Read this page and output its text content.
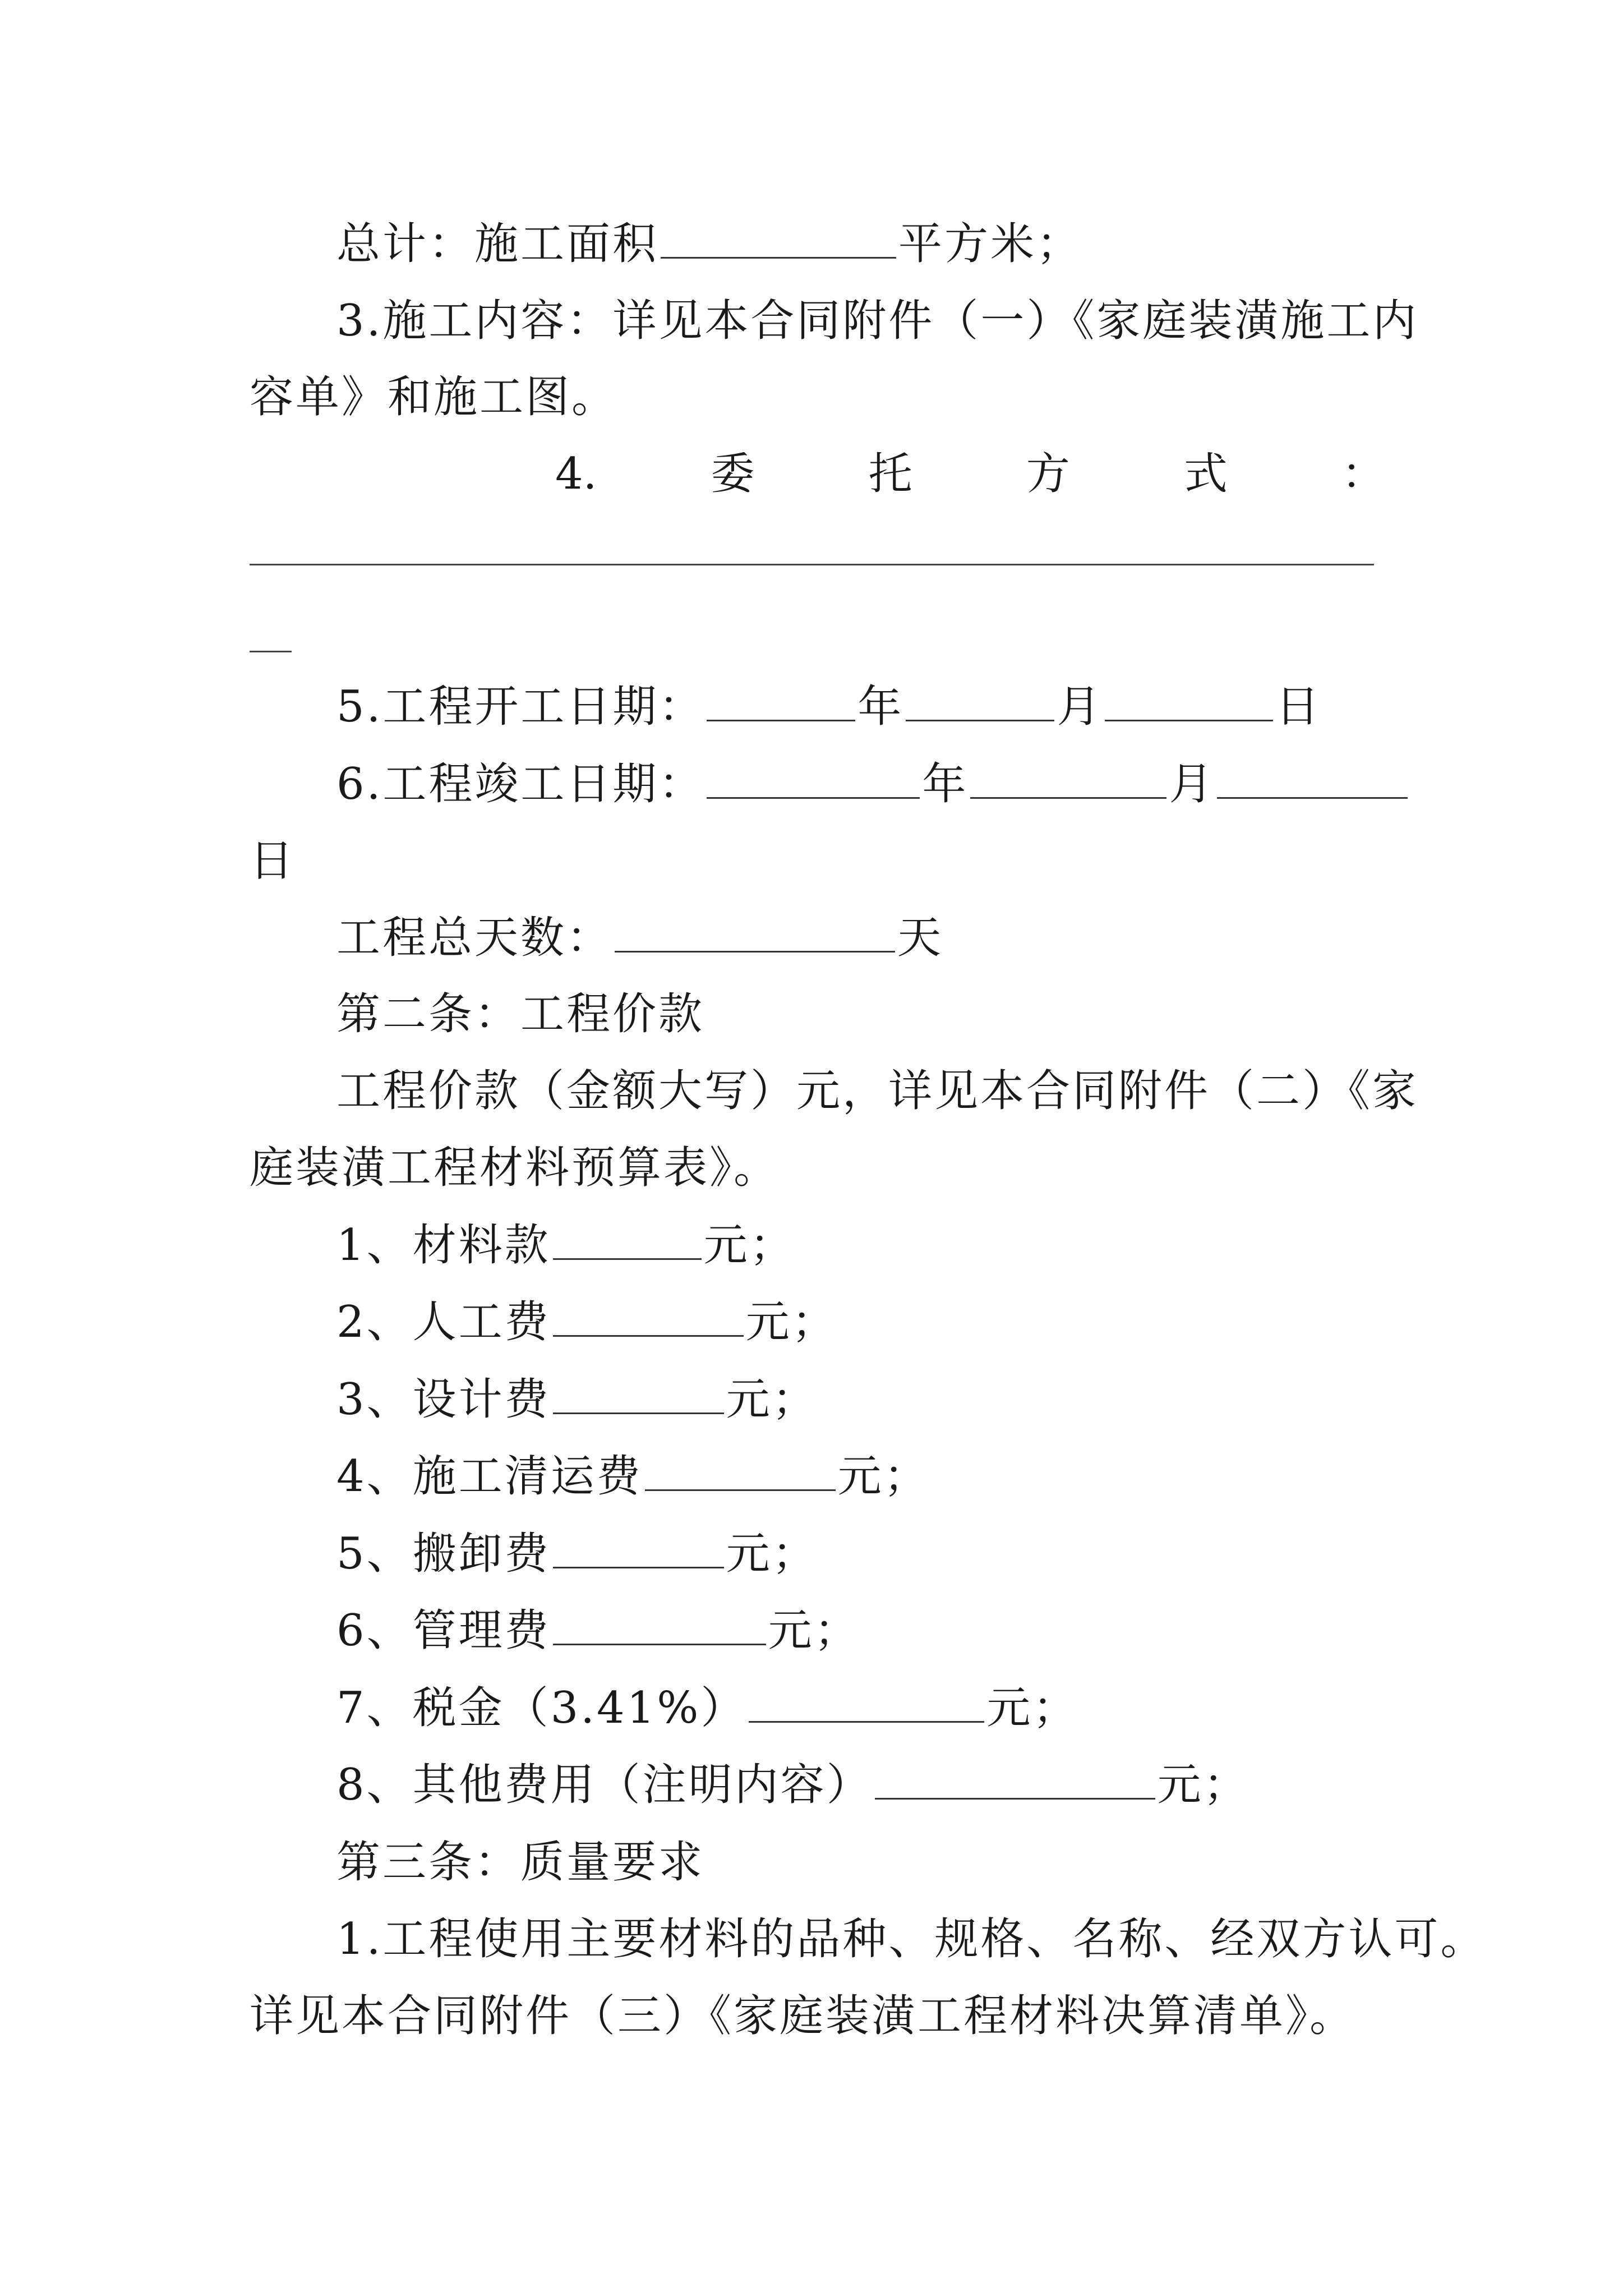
总计：施工面积	平方米；
3.施工内容：详见本合同附件（一）《家庭装潢施工内
容单》和施工图。
4.	委	托	方	式	：
5.工程开工日期：	年	月	日
6.工程竣工日期：	年	月
日
工程总天数：	天
第二条：工程价款
工程价款（金额大写）元，详见本合同附件（二）《家
庭装潢工程材料预算表》。
1、材料款	元；
2、人工费	元；
3、设计费	元；
4、施工清运费	元；
5、搬卸费	元；
6、管理费	元；
7、税金（3.41%）	元；
8、其他费用（注明内容）	元；
第三条：质量要求
1.工程使用主要材料的品种、规格、名称、经双方认可。
详见本合同附件（三）《家庭装潢工程材料决算清单》。
